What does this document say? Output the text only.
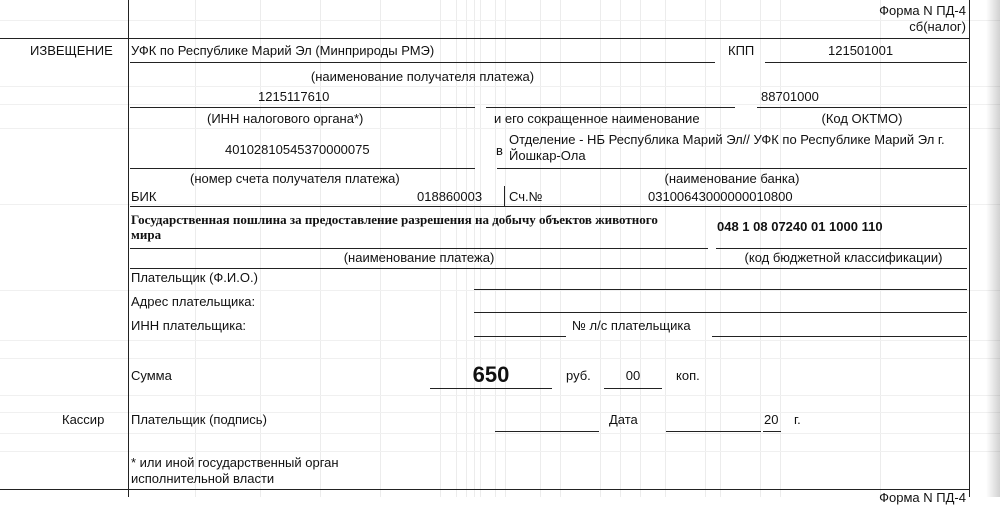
Форма N ПД-4
сб(налог)
ИЗВЕЩЕНИЕ УФК по Республике Марий Эл (Минприроды РМЭ)	КПП	121501001
(наименование получателя платежа)
1215117610	88701000
(ИНН налогового органа*)	и его сокращенное наименование	(Код ОКТМО)
40102810545370000075	в
Отделение - НБ Республика Марий Эл// УФК по Республике Марий Эл г. Йошкар-Ола
(номер счета получателя платежа)	(наименование банка)
БИК	018860003 Сч.№	03100643000000010800
Государственная пошлина за предоставление разрешения на добычу объектов животного мира
048 1 08 07240 01 1000 110
(наименование платежа)	(код бюджетной классификации)
Плательщик (Ф.И.О.)
Адрес плательщика:
ИНН плательщика:	№ л/с плательщика
Сумма	650	руб.	00	коп.
Кассир Плательщик (подпись)	Дата	20 г.
* или иной государственный орган исполнительной власти
Форма N ПД-4
